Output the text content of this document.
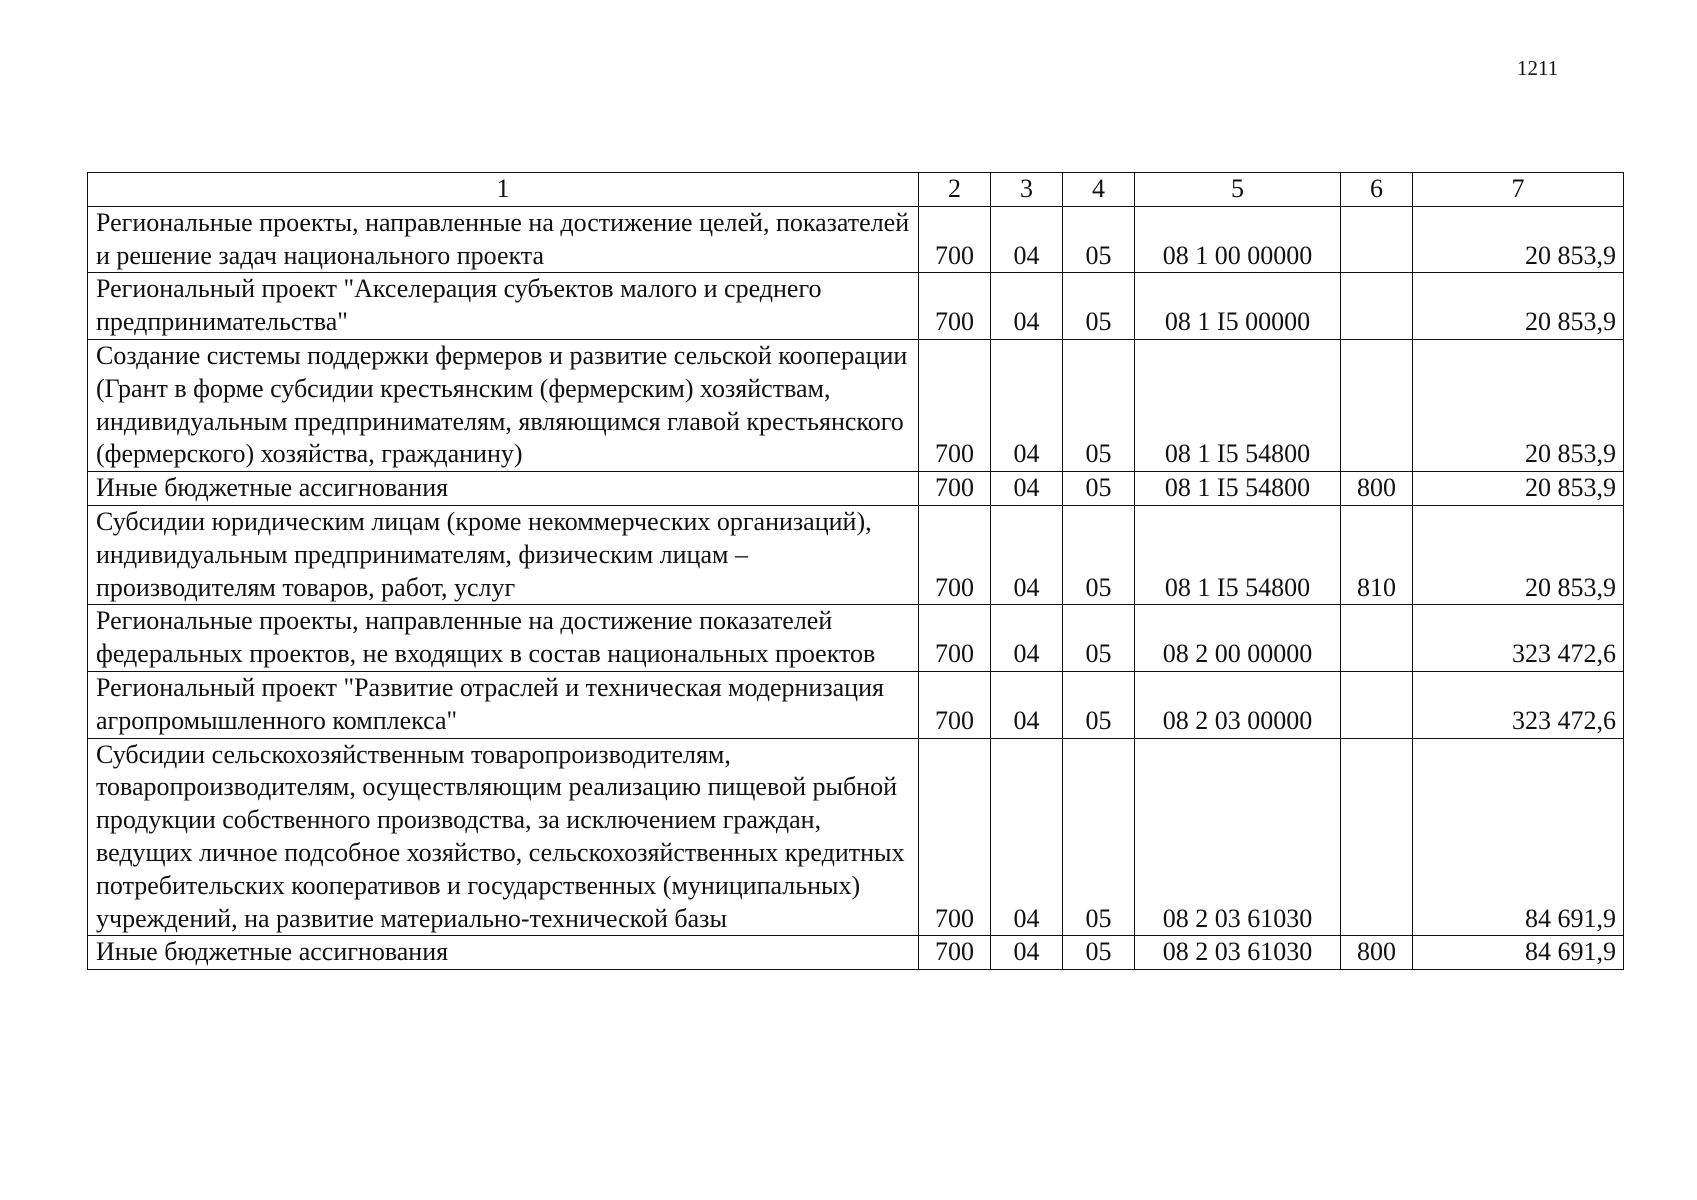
1211
1	2	3	4	5	6	7
Региональные проекты, направленные на достижение целей, показателей и решение задач национального проекта	700	04	05	08 1 00 00000		20 853,9
Региональный проект "Акселерация субъектов малого и среднего предпринимательства"	700	04	05	08 1 I5 00000		20 853,9
Создание системы поддержки фермеров и развитие сельской кооперации (Грант в форме субсидии крестьянским (фермерским) хозяйствам, индивидуальным предпринимателям, являющимся главой крестьянского (фермерского) хозяйства, гражданину)	700	04	05	08 1 I5 54800		20 853,9
Иные бюджетные ассигнования	700	04	05	08 1 I5 54800	800	20 853,9
Субсидии юридическим лицам (кроме некоммерческих организаций), индивидуальным предпринимателям, физическим лицам – производителям товаров, работ, услуг	700	04	05	08 1 I5 54800	810	20 853,9
Региональные проекты, направленные на достижение показателей федеральных проектов, не входящих в состав национальных проектов	700	04	05	08 2 00 00000		323 472,6
Региональный проект "Развитие отраслей и техническая модернизация агропромышленного комплекса"	700	04	05	08 2 03 00000		323 472,6
Субсидии сельскохозяйственным товаропроизводителям, товаропроизводителям, осуществляющим реализацию пищевой рыбной продукции собственного производства, за исключением граждан, ведущих личное подсобное хозяйство, сельскохозяйственных кредитных потребительских кооперативов и государственных (муниципальных) учреждений, на развитие материально-технической базы	700	04	05	08 2 03 61030		84 691,9
Иные бюджетные ассигнования	700	04	05	08 2 03 61030	800	84 691,9
